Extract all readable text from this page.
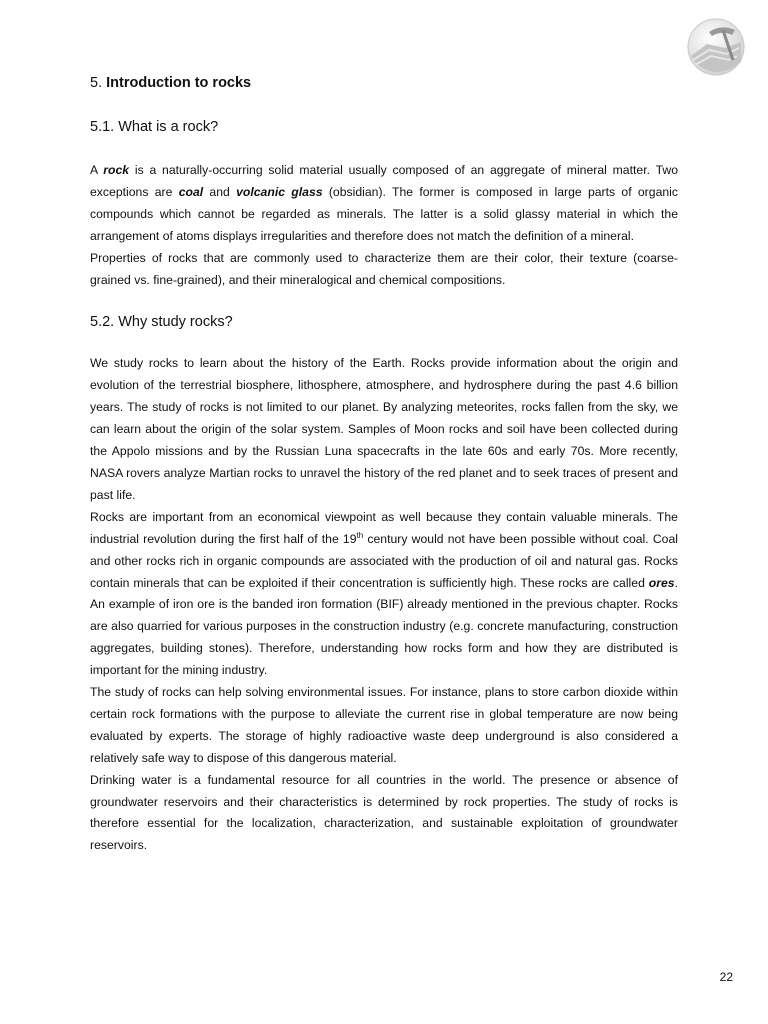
5. Introduction to rocks
5.1. What is a rock?

A rock is a naturally-occurring solid material usually composed of an aggregate of mineral matter. Two exceptions are coal and volcanic glass (obsidian). The former is composed in large parts of organic compounds which cannot be regarded as minerals. The latter is a solid glassy material in which the arrangement of atoms displays irregularities and therefore does not match the definition of a mineral.

Properties of rocks that are commonly used to characterize them are their color, their texture (coarse-grained vs. fine-grained), and their mineralogical and chemical compositions.

5.2. Why study rocks?

We study rocks to learn about the history of the Earth. Rocks provide information about the origin and evolution of the terrestrial biosphere, lithosphere, atmosphere, and hydrosphere during the past 4.6 billion years. The study of rocks is not limited to our planet. By analyzing meteorites, rocks fallen from the sky, we can learn about the origin of the solar system. Samples of Moon rocks and soil have been collected during the Appolo missions and by the Russian Luna spacecrafts in the late 60s and early 70s. More recently, NASA rovers analyze Martian rocks to unravel the history of the red planet and to seek traces of present and past life.

Rocks are important from an economical viewpoint as well because they contain valuable minerals. The industrial revolution during the first half of the 19th century would not have been possible without coal. Coal and other rocks rich in organic compounds are associated with the production of oil and natural gas. Rocks contain minerals that can be exploited if their concentration is sufficiently high. These rocks are called ores. An example of iron ore is the banded iron formation (BIF) already mentioned in the previous chapter. Rocks are also quarried for various purposes in the construction industry (e.g. concrete manufacturing, construction aggregates, building stones). Therefore, understanding how rocks form and how they are distributed is important for the mining industry.

The study of rocks can help solving environmental issues. For instance, plans to store carbon dioxide within certain rock formations with the purpose to alleviate the current rise in global temperature are now being evaluated by experts. The storage of highly radioactive waste deep underground is also considered a relatively safe way to dispose of this dangerous material.

Drinking water is a fundamental resource for all countries in the world. The presence or absence of groundwater reservoirs and their characteristics is determined by rock properties. The study of rocks is therefore essential for the localization, characterization, and sustainable exploitation of groundwater reservoirs.

22
